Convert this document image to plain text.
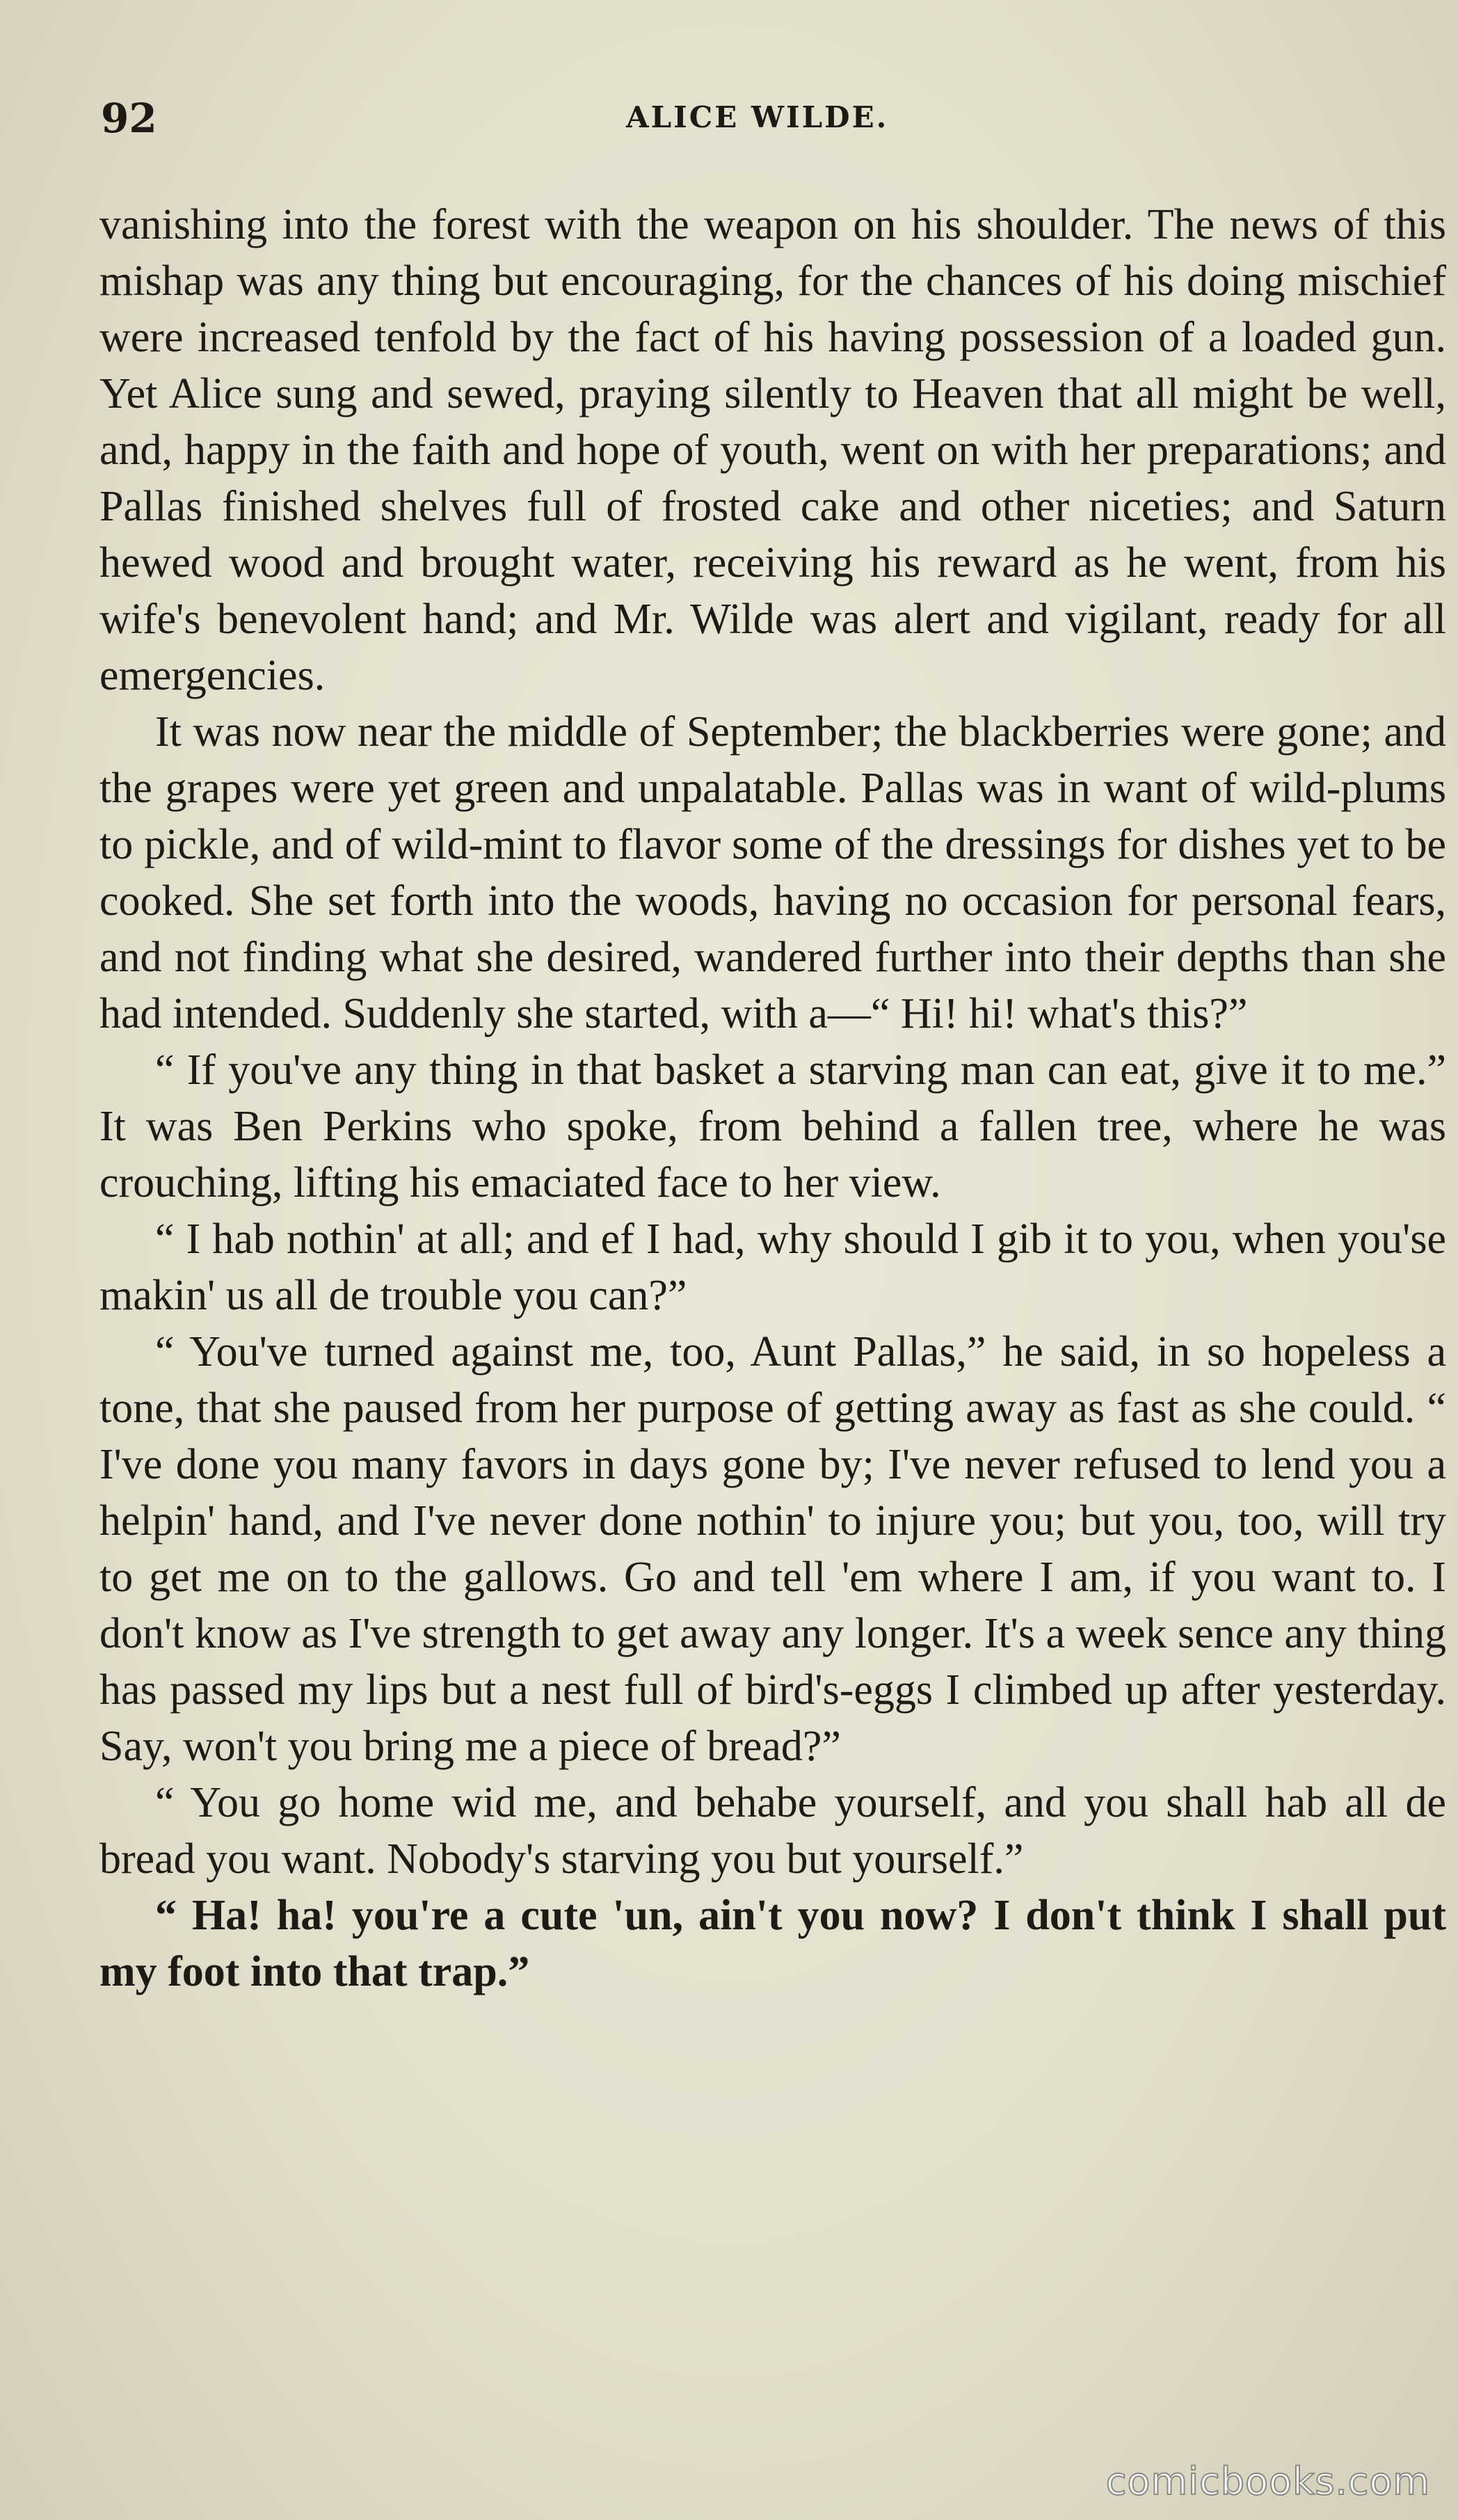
92	ALICE WILDE.

vanishing into the forest with the weapon on his shoulder. The news of this mishap was any thing but encouraging, for the chances of his doing mischief were increased tenfold by the fact of his having possession of a loaded gun. Yet Alice sung and sewed, praying silently to Heaven that all might be well, and, happy in the faith and hope of youth, went on with her preparations; and Pallas finished shelves full of frosted cake and other niceties; and Saturn hewed wood and brought water, receiving his reward as he went, from his wife's benevolent hand; and Mr. Wilde was alert and vigilant, ready for all emergencies.

It was now near the middle of September; the blackberries were gone; and the grapes were yet green and unpalatable. Pallas was in want of wild-plums to pickle, and of wild-mint to flavor some of the dressings for dishes yet to be cooked. She set forth into the woods, having no occasion for personal fears, and not finding what she desired, wandered further into their depths than she had intended. Suddenly she started, with a—“ Hi! hi! what's this?”

“ If you've any thing in that basket a starving man can eat, give it to me.” It was Ben Perkins who spoke, from behind a fallen tree, where he was crouching, lifting his emaciated face to her view.

“ I hab nothin' at all; and ef I had, why should I gib it to you, when you'se makin' us all de trouble you can?”

“ You've turned against me, too, Aunt Pallas,” he said, in so hopeless a tone, that she paused from her purpose of getting away as fast as she could. “ I've done you many favors in days gone by; I've never refused to lend you a helpin' hand, and I've never done nothin' to injure you; but you, too, will try to get me on to the gallows. Go and tell 'em where I am, if you want to. I don't know as I've strength to get away any longer. It's a week sence any thing has passed my lips but a nest full of bird's-eggs I climbed up after yesterday. Say, won't you bring me a piece of bread?”

“ You go home wid me, and behabe yourself, and you shall hab all de bread you want. Nobody's starving you but yourself.”

“ Ha! ha! you're a cute 'un, ain't you now? I don't think I shall put my foot into that trap.”

comicbooks.com
